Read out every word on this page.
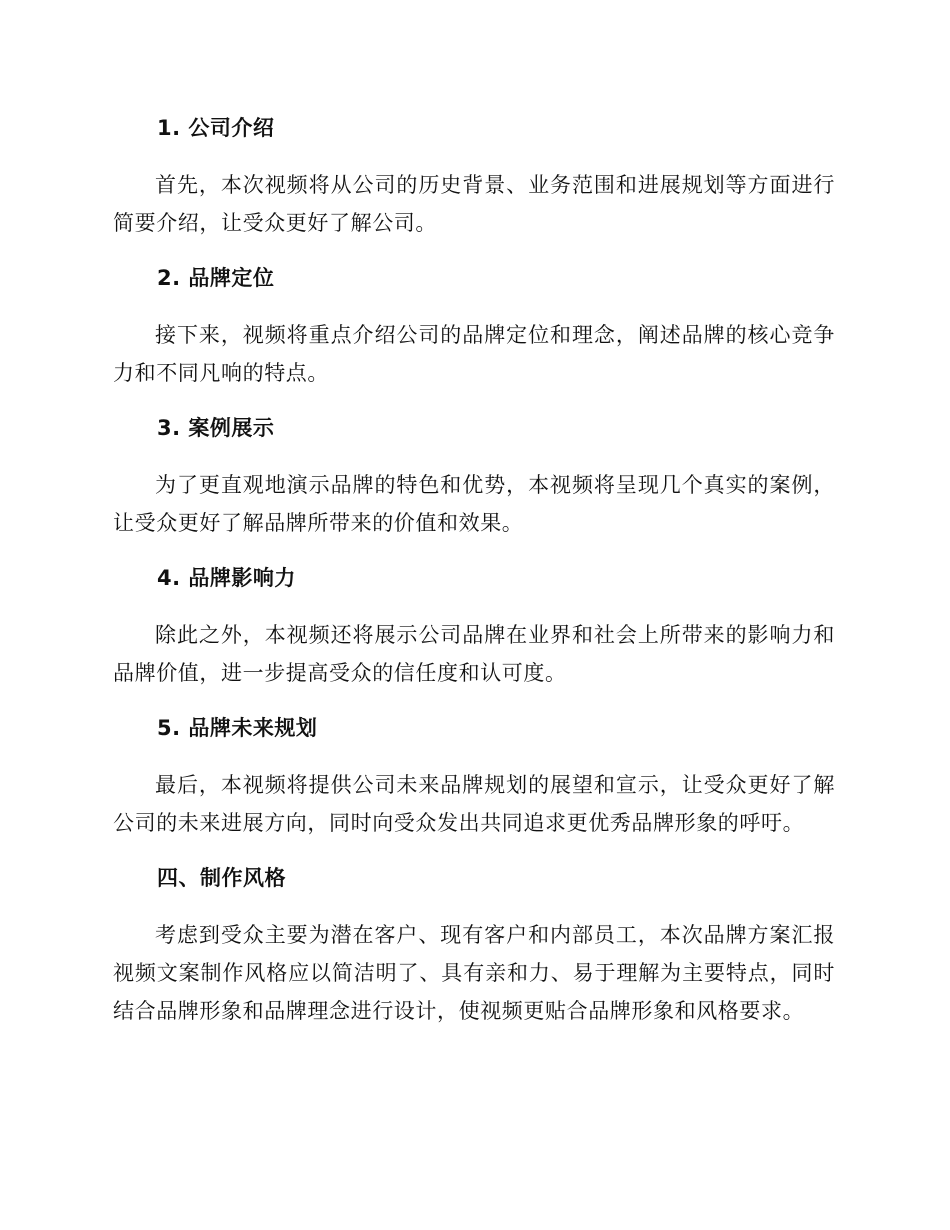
1. 公司介绍

首先，本次视频将从公司的历史背景、业务范围和进展规划等方面进行简要介绍，让受众更好了解公司。

2. 品牌定位

接下来，视频将重点介绍公司的品牌定位和理念，阐述品牌的核心竞争力和不同凡响的特点。

3. 案例展示

为了更直观地演示品牌的特色和优势，本视频将呈现几个真实的案例，让受众更好了解品牌所带来的价值和效果。

4. 品牌影响力

除此之外，本视频还将展示公司品牌在业界和社会上所带来的影响力和品牌价值，进一步提高受众的信任度和认可度。

5. 品牌未来规划

最后，本视频将提供公司未来品牌规划的展望和宣示，让受众更好了解公司的未来进展方向，同时向受众发出共同追求更优秀品牌形象的呼吁。

四、制作风格

考虑到受众主要为潜在客户、现有客户和内部员工，本次品牌方案汇报视频文案制作风格应以简洁明了、具有亲和力、易于理解为主要特点，同时结合品牌形象和品牌理念进行设计，使视频更贴合品牌形象和风格要求。
